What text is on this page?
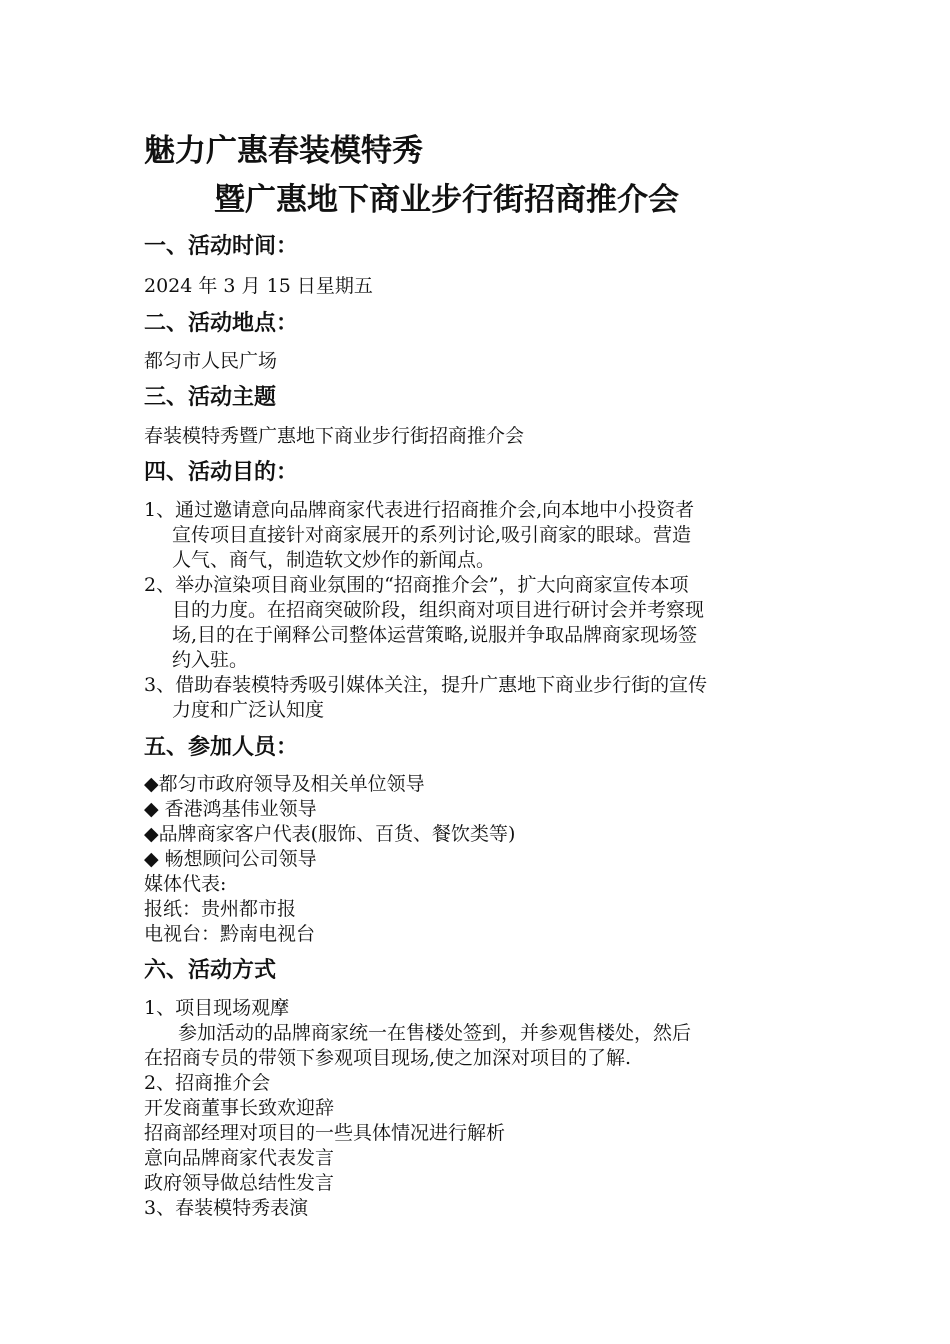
魅力广惠春装模特秀
暨广惠地下商业步行街招商推介会
一、活动时间：
2024 年 3 月 15 日星期五
二、活动地点：
都匀市人民广场
三、活动主题
春装模特秀暨广惠地下商业步行街招商推介会
四、活动目的：
1、通过邀请意向品牌商家代表进行招商推介会,向本地中小投资者
宣传项目直接针对商家展开的系列讨论,吸引商家的眼球。营造
人气、商气，制造软文炒作的新闻点。
2、举办渲染项目商业氛围的“招商推介会”，扩大向商家宣传本项
目的力度。在招商突破阶段，组织商对项目进行研讨会并考察现
场,目的在于阐释公司整体运营策略,说服并争取品牌商家现场签
约入驻。
3、借助春装模特秀吸引媒体关注，提升广惠地下商业步行街的宣传
力度和广泛认知度
五、参加人员：
◆都匀市政府领导及相关单位领导
◆ 香港鸿基伟业领导
◆品牌商家客户代表(服饰、百货、餐饮类等)
◆ 畅想顾问公司领导
媒体代表:
报纸：贵州都市报
电视台：黔南电视台
六、活动方式
1、项目现场观摩
参加活动的品牌商家统一在售楼处签到，并参观售楼处，然后
在招商专员的带领下参观项目现场,使之加深对项目的了解.
2、招商推介会
开发商董事长致欢迎辞
招商部经理对项目的一些具体情况进行解析
意向品牌商家代表发言
政府领导做总结性发言
3、春装模特秀表演
